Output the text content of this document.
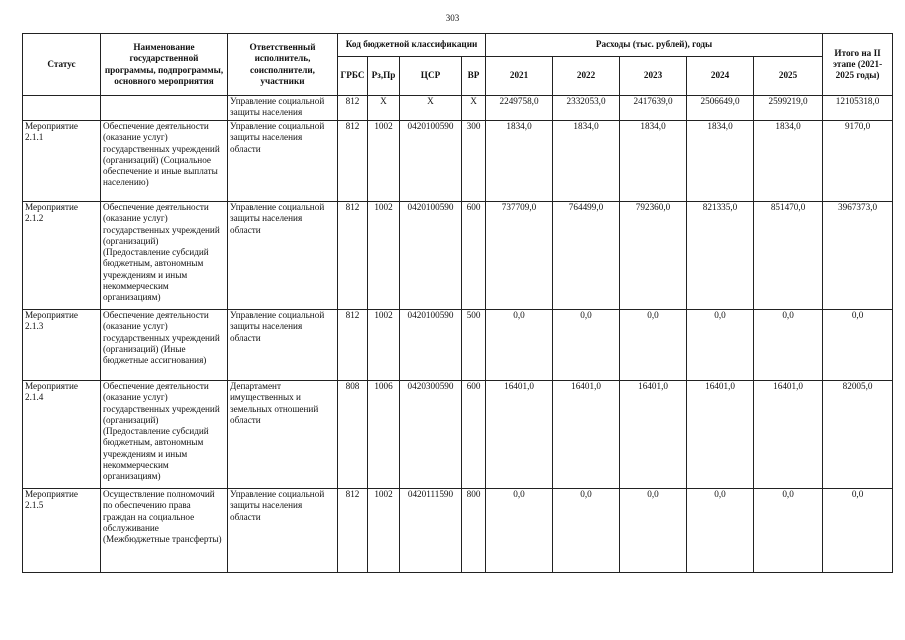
303
Статус	Наименование государственной программы, подпрограммы, основного мероприятия	Ответственный исполнитель, соисполнители, участники	Код бюджетной классификации				Расходы (тыс. рублей), годы					Итого на II этапе (2021-2025 годы)
			ГРБС	Рз,Пр	ЦСР	ВР	2021	2022	2023	2024	2025	
		Управление социальной защиты населения	812	X	X	X	2249758,0	2332053,0	2417639,0	2506649,0	2599219,0	12105318,0
Мероприятие 2.1.1	Обеспечение деятельности (оказание услуг) государственных учреждений (организаций) (Социальное обеспечение и иные выплаты населению)	Управление социальной защиты населения области	812	1002	0420100590	300	1834,0	1834,0	1834,0	1834,0	1834,0	9170,0
Мероприятие 2.1.2	Обеспечение деятельности (оказание услуг) государственных учреждений (организаций) (Предоставление субсидий бюджетным, автономным учреждениям и иным некоммерческим организациям)	Управление социальной защиты населения области	812	1002	0420100590	600	737709,0	764499,0	792360,0	821335,0	851470,0	3967373,0
Мероприятие 2.1.3	Обеспечение деятельности (оказание услуг) государственных учреждений (организаций) (Иные бюджетные ассигнования)	Управление социальной защиты населения области	812	1002	0420100590	500	0,0	0,0	0,0	0,0	0,0	0,0
Мероприятие 2.1.4	Обеспечение деятельности (оказание услуг) государственных учреждений (организаций) (Предоставление субсидий бюджетным, автономным учреждениям и иным некоммерческим организациям)	Департамент имущественных и земельных отношений области	808	1006	0420300590	600	16401,0	16401,0	16401,0	16401,0	16401,0	82005,0
Мероприятие 2.1.5	Осуществление полномочий по обеспечению права граждан на социальное обслуживание (Межбюджетные трансферты)	Управление социальной защиты населения области	812	1002	0420111590	800	0,0	0,0	0,0	0,0	0,0	0,0
